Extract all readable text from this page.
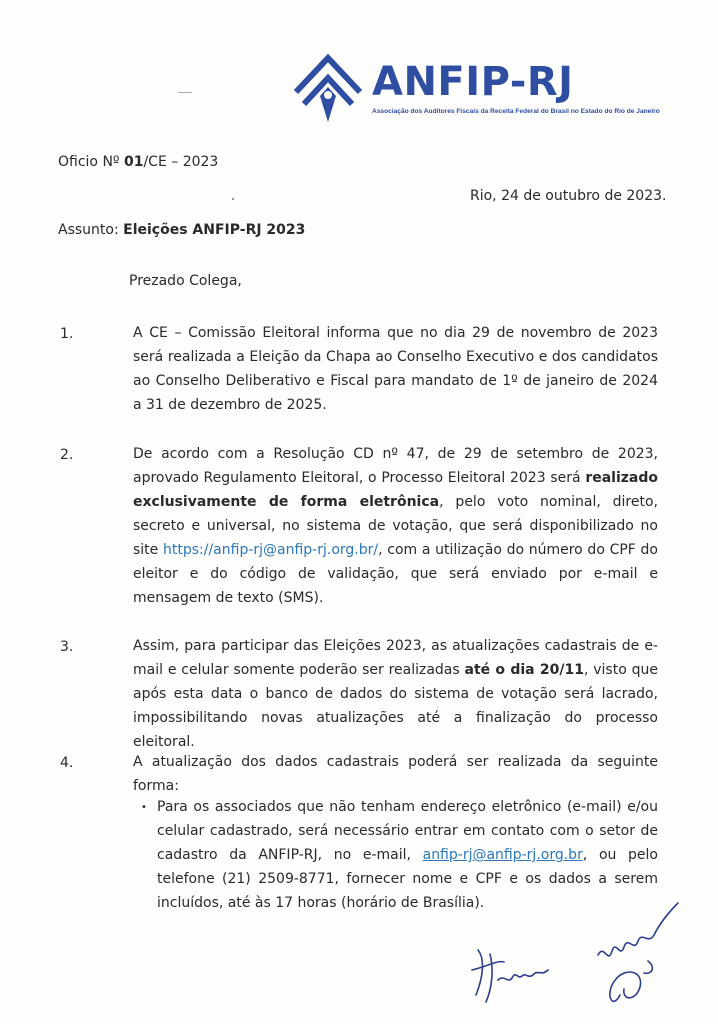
ANFIP-RJ
Associação dos Auditores Fiscais da Receita Federal do Brasil no Estado do Rio de Janeiro
Oficio Nº 01/CE – 2023
Rio, 24 de outubro de 2023.
Assunto: Eleições ANFIP-RJ 2023
Prezado Colega,
1.	A CE – Comissão Eleitoral informa que no dia 29 de novembro de 2023 será realizada a Eleição da Chapa ao Conselho Executivo e dos candidatos ao Conselho Deliberativo e Fiscal para mandato de 1º de janeiro de 2024 a 31 de dezembro de 2025.
2.	De acordo com a Resolução CD nº 47, de 29 de setembro de 2023, aprovado Regulamento Eleitoral, o Processo Eleitoral 2023 será realizado exclusivamente de forma eletrônica, pelo voto nominal, direto, secreto e universal, no sistema de votação, que será disponibilizado no site https://anfip-rj@anfip-rj.org.br/, com a utilização do número do CPF do eleitor e do código de validação, que será enviado por e-mail e mensagem de texto (SMS).
3.	Assim, para participar das Eleições 2023, as atualizações cadastrais de e-mail e celular somente poderão ser realizadas até o dia 20/11, visto que após esta data o banco de dados do sistema de votação será lacrado, impossibilitando novas atualizações até a finalização do processo eleitoral.
4.	A atualização dos dados cadastrais poderá ser realizada da seguinte forma:
• Para os associados que não tenham endereço eletrônico (e-mail) e/ou celular cadastrado, será necessário entrar em contato com o setor de cadastro da ANFIP-RJ, no e-mail, anfip-rj@anfip-rj.org.br, ou pelo telefone (21) 2509-8771, fornecer nome e CPF e os dados a serem incluídos, até às 17 horas (horário de Brasília).
